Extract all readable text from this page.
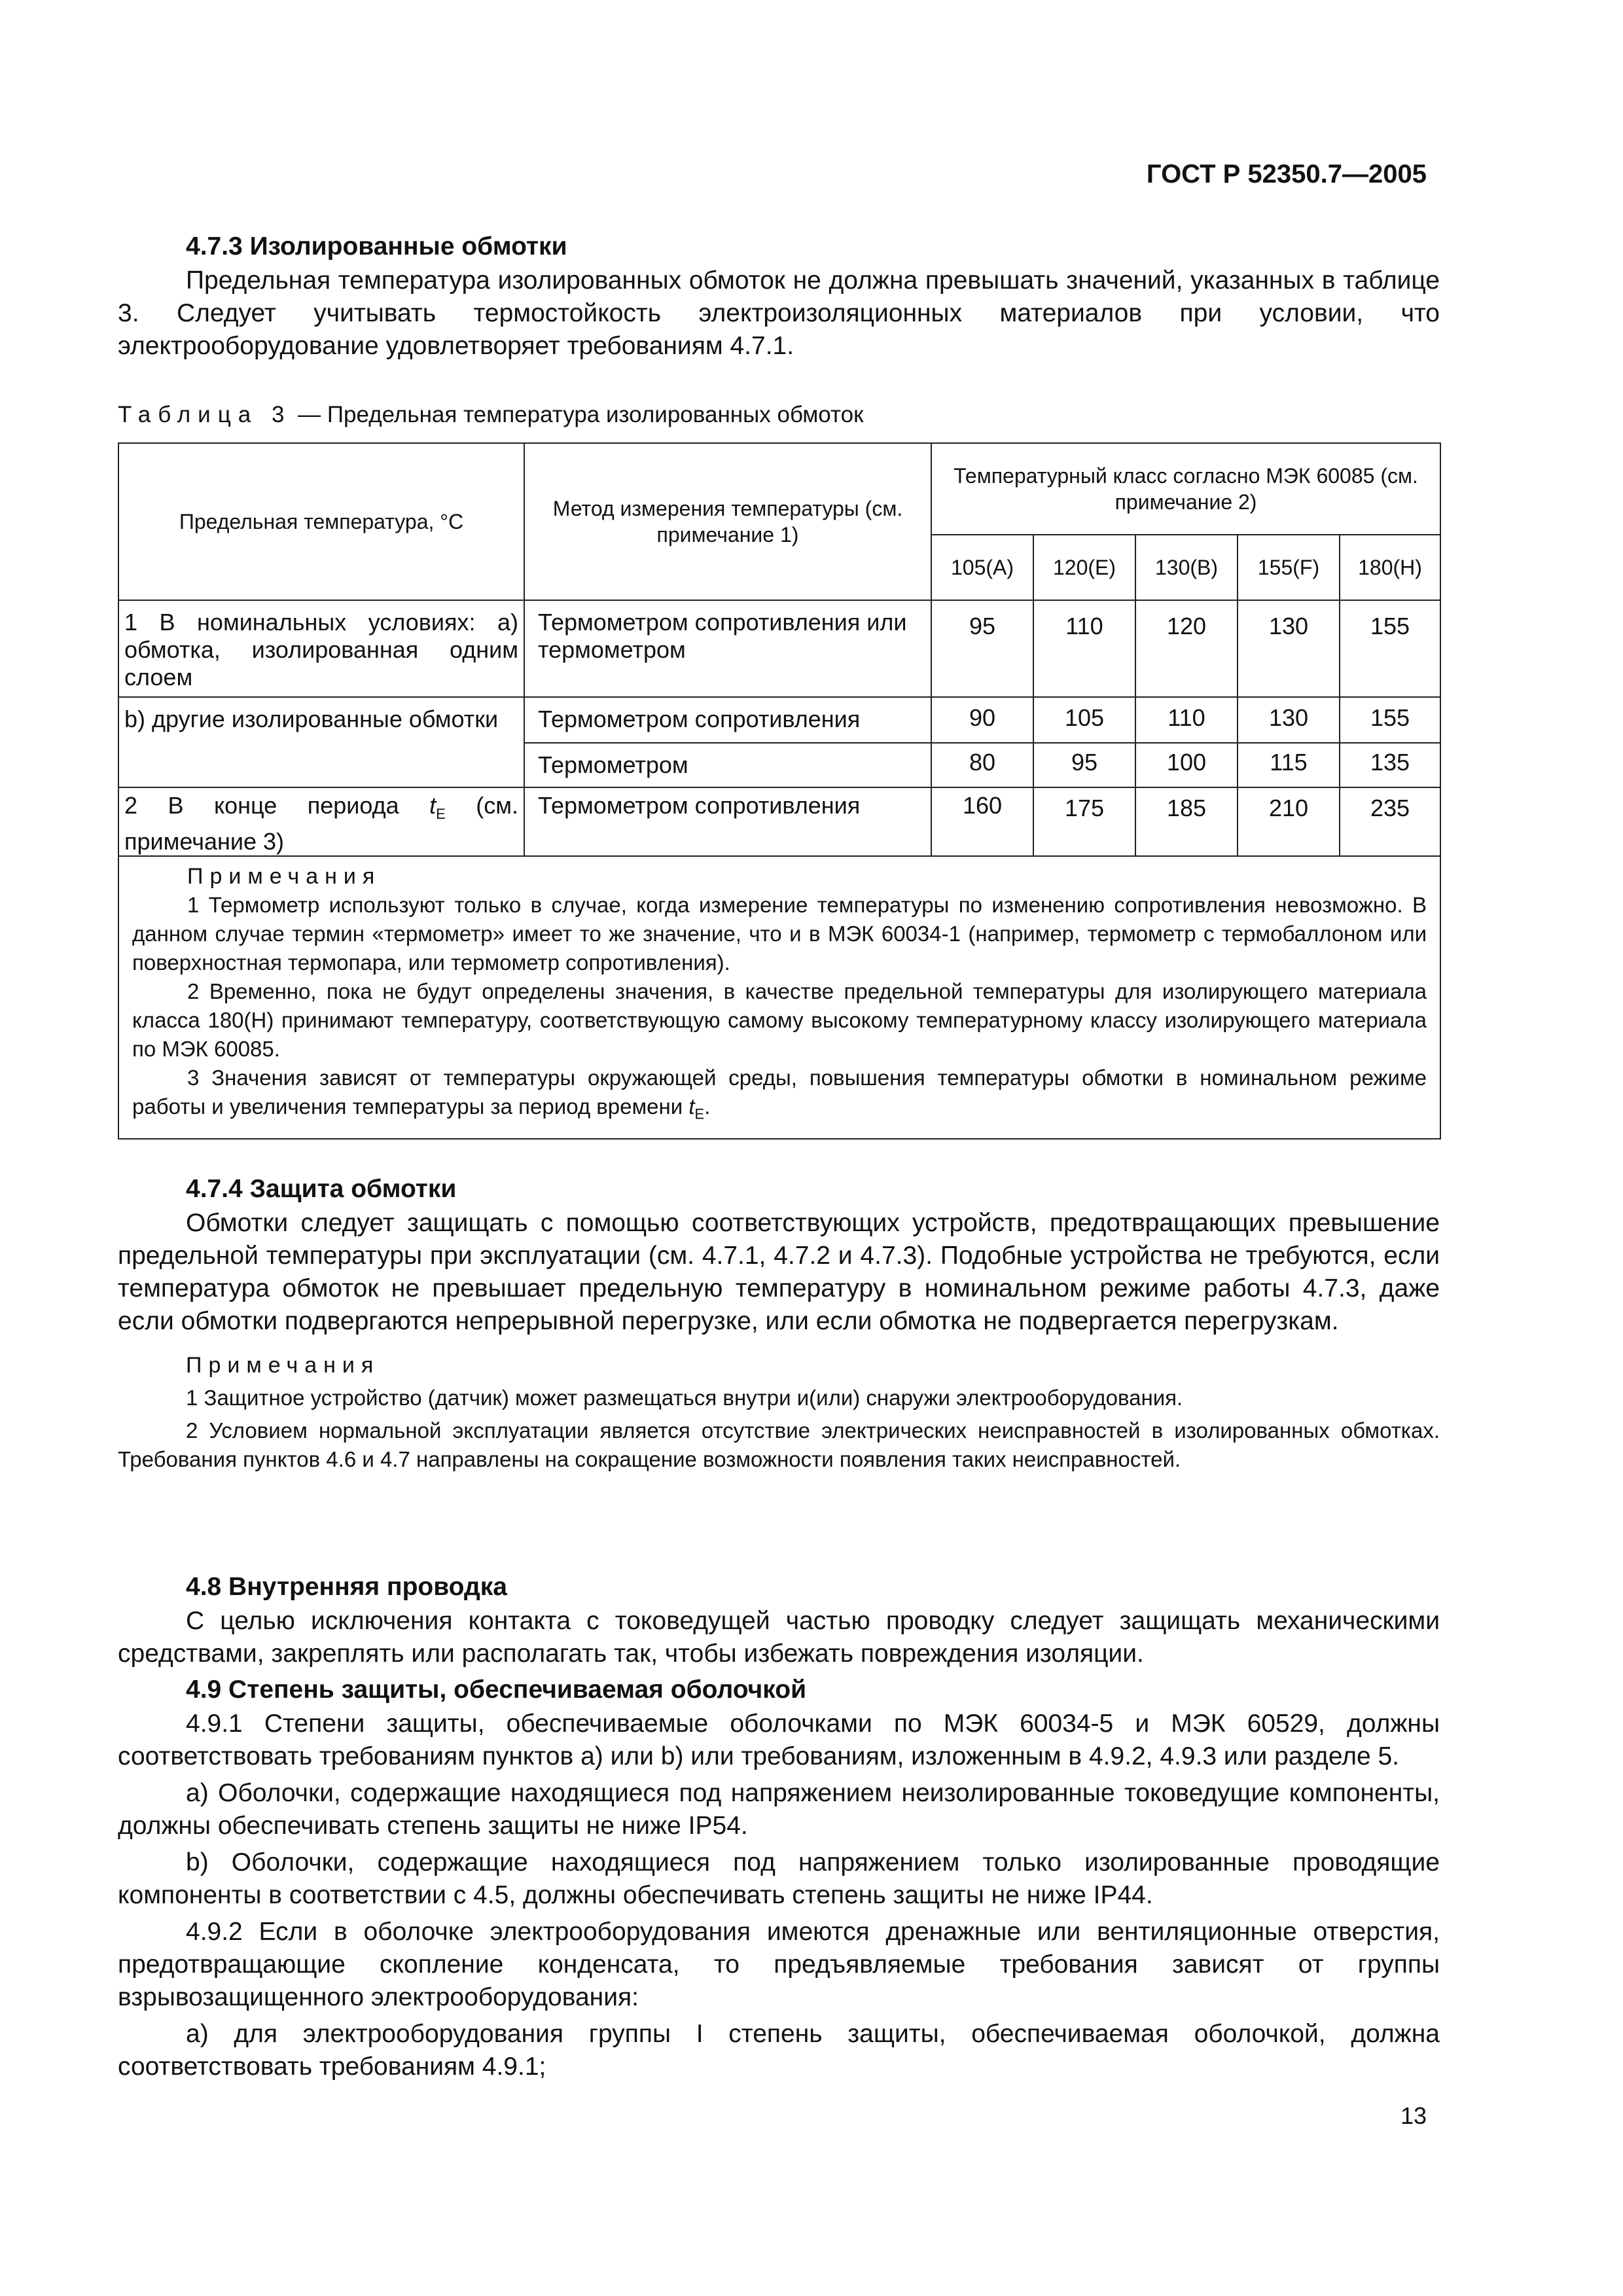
ГОСТ Р 52350.7—2005

4.7.3 Изолированные обмотки

Предельная температура изолированных обмоток не должна превышать значений, указанных в таблице 3. Следует учитывать термостойкость электроизоляционных материалов при условии, что электрооборудование удовлетворяет требованиям 4.7.1.

Таблица 3 — Предельная температура изолированных обмоток

Предельная температура, °С	Метод измерения температуры (см. примечание 1)	Температурный класс согласно МЭК 60085 (см. примечание 2)				
		105(А)	120(Е)	130(В)	155(F)	180(H)
1 В номинальных условиях: а) обмотка, изолированная одним слоем	Термометром сопротивления или термометром	95	110	120	130	155
b) другие изолированные обмотки	Термометром сопротивления	90	105	110	130	155
	Термометром	80	95	100	115	135
2 В конце периода $t_E$ (см. примечание 3)	Термометром сопротивления	160	175	185	210	235

Примечания

1 Термометр используют только в случае, когда измерение температуры по изменению сопротивления невозможно. В данном случае термин «термометр» имеет то же значение, что и в МЭК 60034-1 (например, термометр с термобаллоном или поверхностная термопара, или термометр сопротивления).

2 Временно, пока не будут определены значения, в качестве предельной температуры для изолирующего материала класса 180(Н) принимают температуру, соответствующую самому высокому температурному классу изолирующего материала по МЭК 60085.

3 Значения зависят от температуры окружающей среды, повышения температуры обмотки в номинальном режиме работы и увеличения температуры за период времени $t_E$.						

4.7.4 Защита обмотки

Обмотки следует защищать с помощью соответствующих устройств, предотвращающих превышение предельной температуры при эксплуатации (см. 4.7.1, 4.7.2 и 4.7.3). Подобные устройства не требуются, если температура обмоток не превышает предельную температуру в номинальном режиме работы 4.7.3, даже если обмотки подвергаются непрерывной перегрузке, или если обмотка не подвергается перегрузкам.

Примечания

1 Защитное устройство (датчик) может размещаться внутри и(или) снаружи электрооборудования.

2 Условием нормальной эксплуатации является отсутствие электрических неисправностей в изолированных обмотках. Требования пунктов 4.6 и 4.7 направлены на сокращение возможности появления таких неисправностей.

4.8 Внутренняя проводка

С целью исключения контакта с токоведущей частью проводку следует защищать механическими средствами, закреплять или располагать так, чтобы избежать повреждения изоляции.

4.9 Степень защиты, обеспечиваемая оболочкой

4.9.1 Степени защиты, обеспечиваемые оболочками по МЭК 60034-5 и МЭК 60529, должны соответствовать требованиям пунктов а) или b) или требованиям, изложенным в 4.9.2, 4.9.3 или разделе 5.

а) Оболочки, содержащие находящиеся под напряжением неизолированные токоведущие компоненты, должны обеспечивать степень защиты не ниже IP54.

b) Оболочки, содержащие находящиеся под напряжением только изолированные проводящие компоненты в соответствии с 4.5, должны обеспечивать степень защиты не ниже IP44.

4.9.2 Если в оболочке электрооборудования имеются дренажные или вентиляционные отверстия, предотвращающие скопление конденсата, то предъявляемые требования зависят от группы взрывозащищенного электрооборудования:

а) для электрооборудования группы I степень защиты, обеспечиваемая оболочкой, должна соответствовать требованиям 4.9.1;

13
